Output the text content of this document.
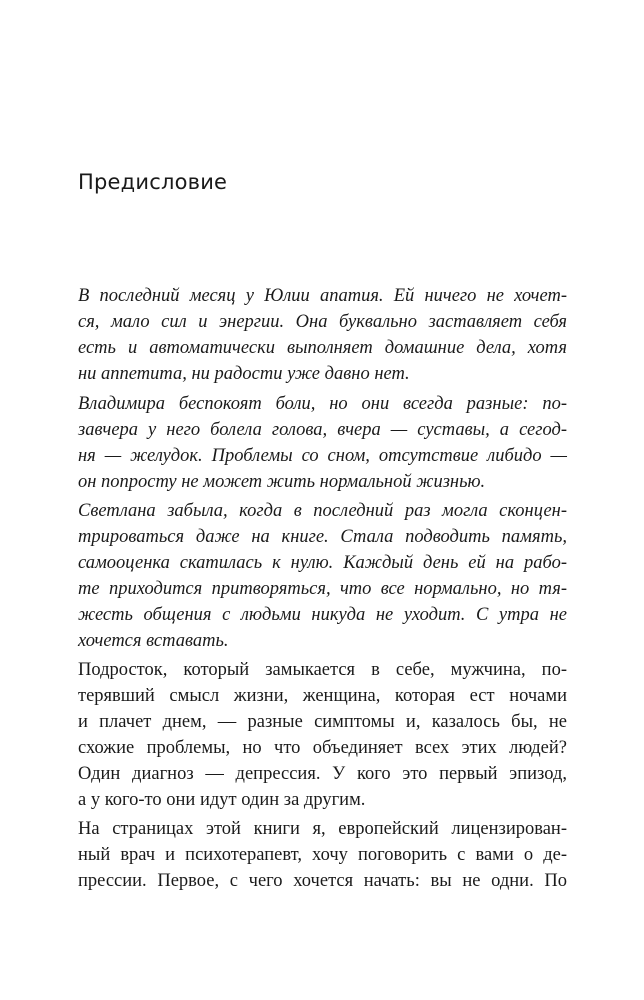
Предисловие
В последний месяц у Юлии апатия. Ей ничего не хочет-
ся, мало сил и энергии. Она буквально заставляет себя
есть и автоматически выполняет домашние дела, хотя
ни аппетита, ни радости уже давно нет.
Владимира беспокоят боли, но они всегда разные: по-
завчера у него болела голова, вчера — суставы, а сегод-
ня — желудок. Проблемы со сном, отсутствие либидо —
он попросту не может жить нормальной жизнью.
Светлана забыла, когда в последний раз могла сконцен-
трироваться даже на книге. Стала подводить память,
самооценка скатилась к нулю. Каждый день ей на рабо-
те приходится притворяться, что все нормально, но тя-
жесть общения с людьми никуда не уходит. С утра не
хочется вставать.
Подросток, который замыкается в себе, мужчина, по-
терявший смысл жизни, женщина, которая ест ночами
и плачет днем, — разные симптомы и, казалось бы, не
схожие проблемы, но что объединяет всех этих людей?
Один диагноз — депрессия. У кого это первый эпизод,
а у кого-то они идут один за другим.
На страницах этой книги я, европейский лицензирован-
ный врач и психотерапевт, хочу поговорить с вами о де-
прессии. Первое, с чего хочется начать: вы не одни. По
